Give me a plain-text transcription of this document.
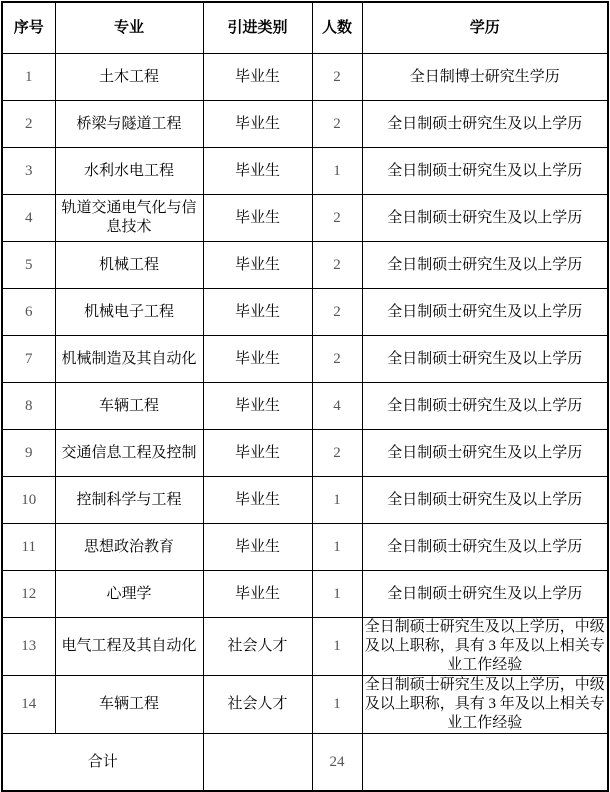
序号	专业	引进类别	人数	学历
1	土木工程	毕业生	2	全日制博士研究生学历
2	桥梁与隧道工程	毕业生	2	全日制硕士研究生及以上学历
3	水利水电工程	毕业生	1	全日制硕士研究生及以上学历
4	轨道交通电气化与信息技术	毕业生	2	全日制硕士研究生及以上学历
5	机械工程	毕业生	2	全日制硕士研究生及以上学历
6	机械电子工程	毕业生	2	全日制硕士研究生及以上学历
7	机械制造及其自动化	毕业生	2	全日制硕士研究生及以上学历
8	车辆工程	毕业生	4	全日制硕士研究生及以上学历
9	交通信息工程及控制	毕业生	2	全日制硕士研究生及以上学历
10	控制科学与工程	毕业生	1	全日制硕士研究生及以上学历
11	思想政治教育	毕业生	1	全日制硕士研究生及以上学历
12	心理学	毕业生	1	全日制硕士研究生及以上学历
13	电气工程及其自动化	社会人才	1	全日制硕士研究生及以上学历，中级及以上职称，具有 3 年及以上相关专业工作经验
14	车辆工程	社会人才	1	全日制硕士研究生及以上学历，中级及以上职称，具有 3 年及以上相关专业工作经验
合计			24	
